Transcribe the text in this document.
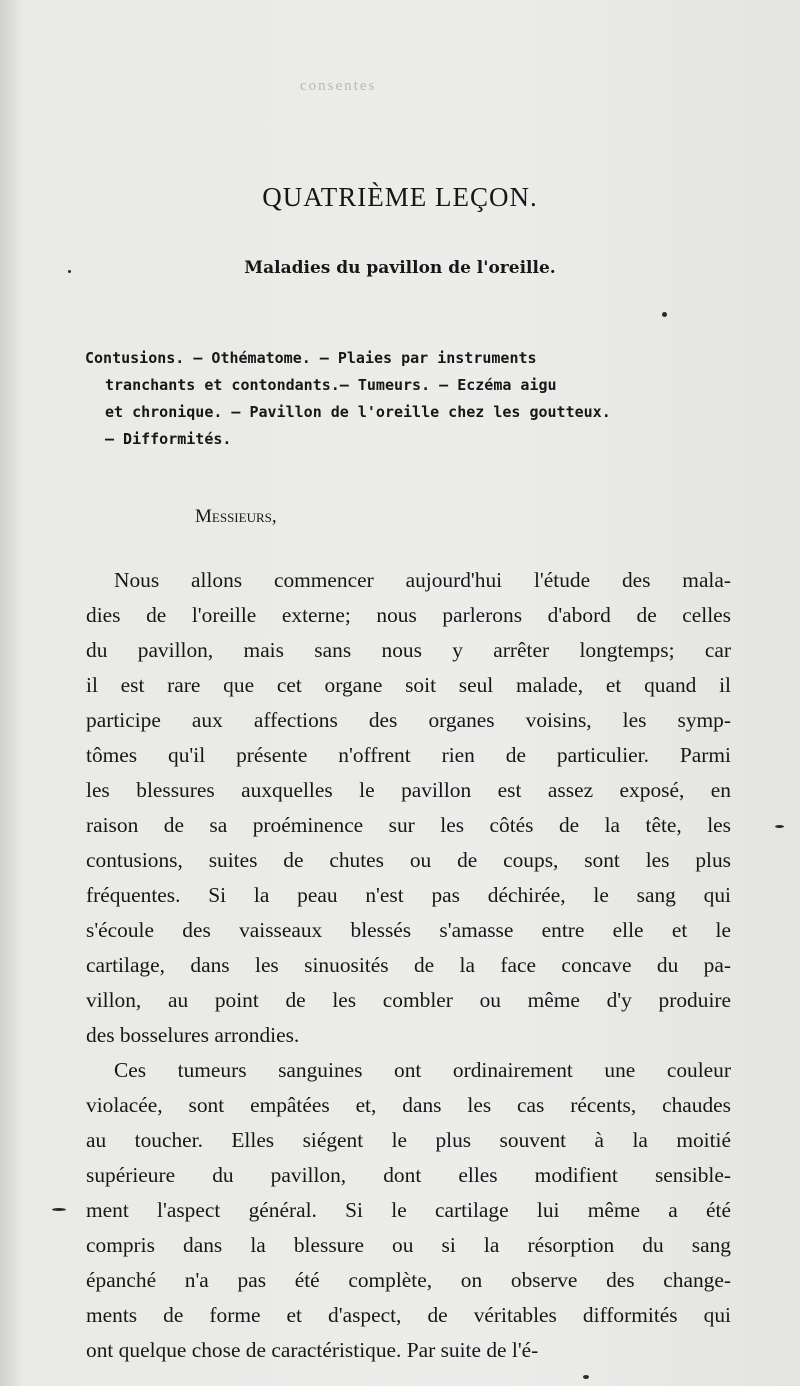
consentes
QUATRIÈME LEÇON.
Maladies du pavillon de l'oreille.
Contusions. — Othématome. — Plaies par instruments
tranchants et contondants.— Tumeurs. — Eczéma aigu
et chronique. — Pavillon de l'oreille chez les goutteux.
— Difformités.
Messieurs,

Nous allons commencer aujourd'hui l'étude des mala-
dies de l'oreille externe; nous parlerons d'abord de celles
du pavillon, mais sans nous y arrêter longtemps; car
il est rare que cet organe soit seul malade, et quand il
participe aux affections des organes voisins, les symp-
tômes qu'il présente n'offrent rien de particulier. Parmi
les blessures auxquelles le pavillon est assez exposé, en
raison de sa proéminence sur les côtés de la tête, les
contusions, suites de chutes ou de coups, sont les plus
fréquentes. Si la peau n'est pas déchirée, le sang qui
s'écoule des vaisseaux blessés s'amasse entre elle et le
cartilage, dans les sinuosités de la face concave du pa-
villon, au point de les combler ou même d'y produire
des bosselures arrondies.

Ces tumeurs sanguines ont ordinairement une couleur
violacée, sont empâtées et, dans les cas récents, chaudes
au toucher. Elles siégent le plus souvent à la moitié
supérieure du pavillon, dont elles modifient sensible-
ment l'aspect général. Si le cartilage lui même a été
compris dans la blessure ou si la résorption du sang
épanché n'a pas été complète, on observe des change-
ments de forme et d'aspect, de véritables difformités qui
ont quelque chose de caractéristique. Par suite de l'é-
